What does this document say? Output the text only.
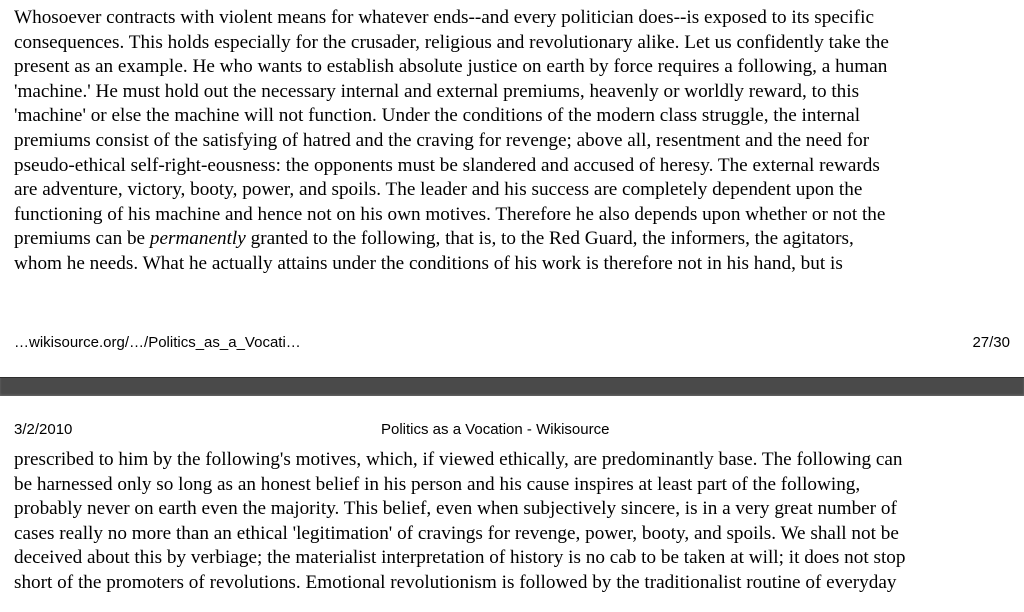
Whosoever contracts with violent means for whatever ends--and every politician does--is exposed to its specific
consequences. This holds especially for the crusader, religious and revolutionary alike. Let us confidently take the
present as an example. He who wants to establish absolute justice on earth by force requires a following, a human
'machine.' He must hold out the necessary internal and external premiums, heavenly or worldly reward, to this
'machine' or else the machine will not function. Under the conditions of the modern class struggle, the internal
premiums consist of the satisfying of hatred and the craving for revenge; above all, resentment and the need for
pseudo-ethical self-right-eousness: the opponents must be slandered and accused of heresy. The external rewards
are adventure, victory, booty, power, and spoils. The leader and his success are completely dependent upon the
functioning of his machine and hence not on his own motives. Therefore he also depends upon whether or not the
premiums can be permanently granted to the following, that is, to the Red Guard, the informers, the agitators,
whom he needs. What he actually attains under the conditions of his work is therefore not in his hand, but is

…wikisource.org/…/Politics_as_a_Vocati…	27/30
3/2/2010	Politics as a Vocation - Wikisource

prescribed to him by the following's motives, which, if viewed ethically, are predominantly base. The following can
be harnessed only so long as an honest belief in his person and his cause inspires at least part of the following,
probably never on earth even the majority. This belief, even when subjectively sincere, is in a very great number of
cases really no more than an ethical 'legitimation' of cravings for revenge, power, booty, and spoils. We shall not be
deceived about this by verbiage; the materialist interpretation of history is no cab to be taken at will; it does not stop
short of the promoters of revolutions. Emotional revolutionism is followed by the traditionalist routine of everyday
